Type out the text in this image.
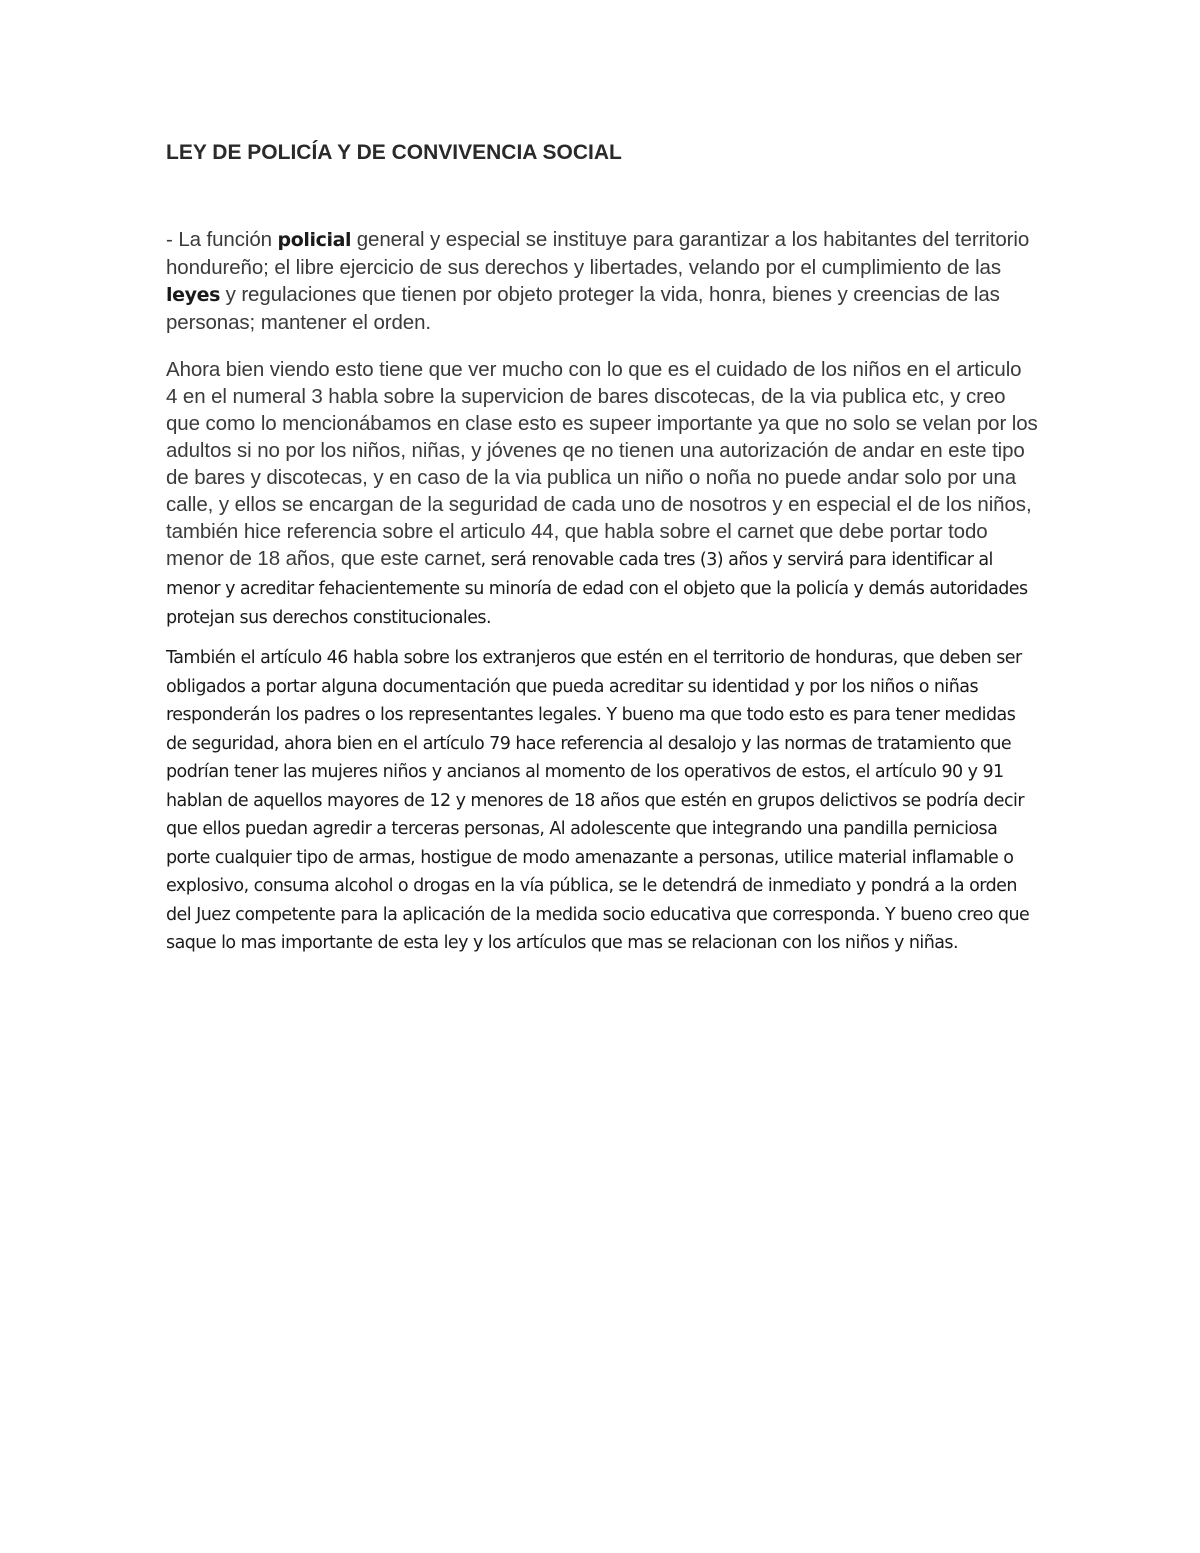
LEY DE POLICÍA Y DE CONVIVENCIA SOCIAL

- La función policial general y especial se instituye para garantizar a los habitantes del territorio hondureño; el libre ejercicio de sus derechos y libertades, velando por el cumplimiento de las leyes y regulaciones que tienen por objeto proteger la vida, honra, bienes y creencias de las personas; mantener el orden.

Ahora bien viendo esto tiene que ver mucho con lo que es el cuidado de los niños en el articulo 4 en el numeral 3 habla sobre la supervicion de bares discotecas, de la via publica etc, y creo que como lo mencionábamos en clase esto es supeer importante ya que no solo se velan por los adultos si no por los niños, niñas, y jóvenes qe no tienen una autorización de andar en este tipo de bares y discotecas, y en caso de la via publica un niño o noña no puede andar solo por una calle, y ellos se encargan de la seguridad de cada uno de nosotros y en especial el de los niños, también hice referencia sobre el articulo 44, que habla sobre el carnet que debe portar todo menor de 18 años, que este carnet, será renovable cada tres (3) años y servirá para identificar al menor y acreditar fehacientemente su minoría de edad con el objeto que la policía y demás autoridades protejan sus derechos constitucionales.

También el artículo 46 habla sobre los extranjeros que estén en el territorio de honduras, que deben ser obligados a portar alguna documentación que pueda acreditar su identidad y por los niños o niñas responderán los padres o los representantes legales. Y bueno ma que todo esto es para tener medidas de seguridad, ahora bien en el artículo 79 hace referencia al desalojo y las normas de tratamiento que podrían tener las mujeres niños y ancianos al momento de los operativos de estos, el artículo 90 y 91 hablan de aquellos mayores de 12 y menores de 18 años que estén en grupos delictivos se podría decir que ellos puedan agredir a terceras personas, Al adolescente que integrando una pandilla perniciosa porte cualquier tipo de armas, hostigue de modo amenazante a personas, utilice material inflamable o explosivo, consuma alcohol o drogas en la vía pública, se le detendrá de inmediato y pondrá a la orden del Juez competente para la aplicación de la medida socio educativa que corresponda. Y bueno creo que saque lo mas importante de esta ley y los artículos que mas se relacionan con los niños y niñas.
